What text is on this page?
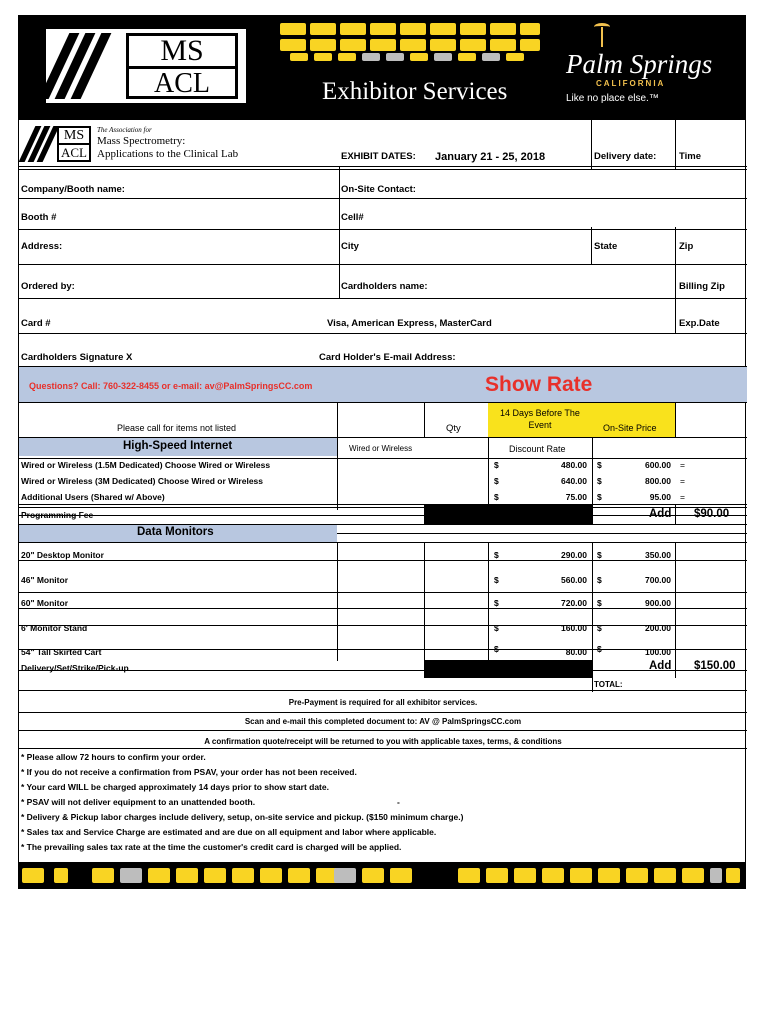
MS
ACL	Exhibitor Services
Palm Springs
CALIFORNIA
Like no place else.™
MS
ACL
The Association for
Mass Spectrometry:
Applications to the Clinical Lab	EXHIBIT DATES: January 21 - 25, 2018	Delivery date: Time
Company/Booth name:	On-Site Contact:
Booth #	Cell#
Address:	City	State	Zip
Ordered by:	Cardholders name:	Billing Zip
Card #	Visa, American Express, MasterCard	Exp.Date
Cardholders Signature X	Card Holder's E-mail Address:
Questions? Call: 760-322-8455 or e-mail: av@PalmSpringsCC.com	Show Rate
Please call for items not listed	Qty
14 Days Before The Event	On-Site Price
High-Speed Internet	Wired or Wireless	Discount Rate
Wired or Wireless (1.5M Dedicated) Choose Wired or Wireless	$	480.00 $	600.00 =
Wired or Wireless (3M Dedicated) Choose Wired or Wireless	$	640.00 $	800.00 =
Additional Users (Shared w/ Above)	$	75.00 $	95.00 =
Programming Fee	Add $90.00
Data Monitors
20" Desktop Monitor	$	290.00 $	350.00
46" Monitor	$	560.00 $	700.00
60" Monitor	$	720.00 $	900.00
6' Monitor Stand	$	160.00 $	200.00
54" Tall Skirted Cart	$	80.00 $	100.00
Delivery/Set/Strike/Pick-up	Add $150.00
TOTAL:
Pre-Payment is required for all exhibitor services.
Scan and e-mail this completed document to: AV @ PalmSpringsCC.com
A confirmation quote/receipt will be returned to you with applicable taxes, terms, & conditions
* Please allow 72 hours to confirm your order.
* If you do not receive a confirmation from PSAV, your order has not been received.
* Your card WILL be charged approximately 14 days prior to show start date.
* PSAV will not deliver equipment to an unattended booth.	-
* Delivery & Pickup labor charges include delivery, setup, on-site service and pickup. ($150 minimum charge.)
* Sales tax and Service Charge are estimated and are due on all equipment and labor where applicable.
* The prevailing sales tax rate at the time the customer's credit card is charged will be applied.
